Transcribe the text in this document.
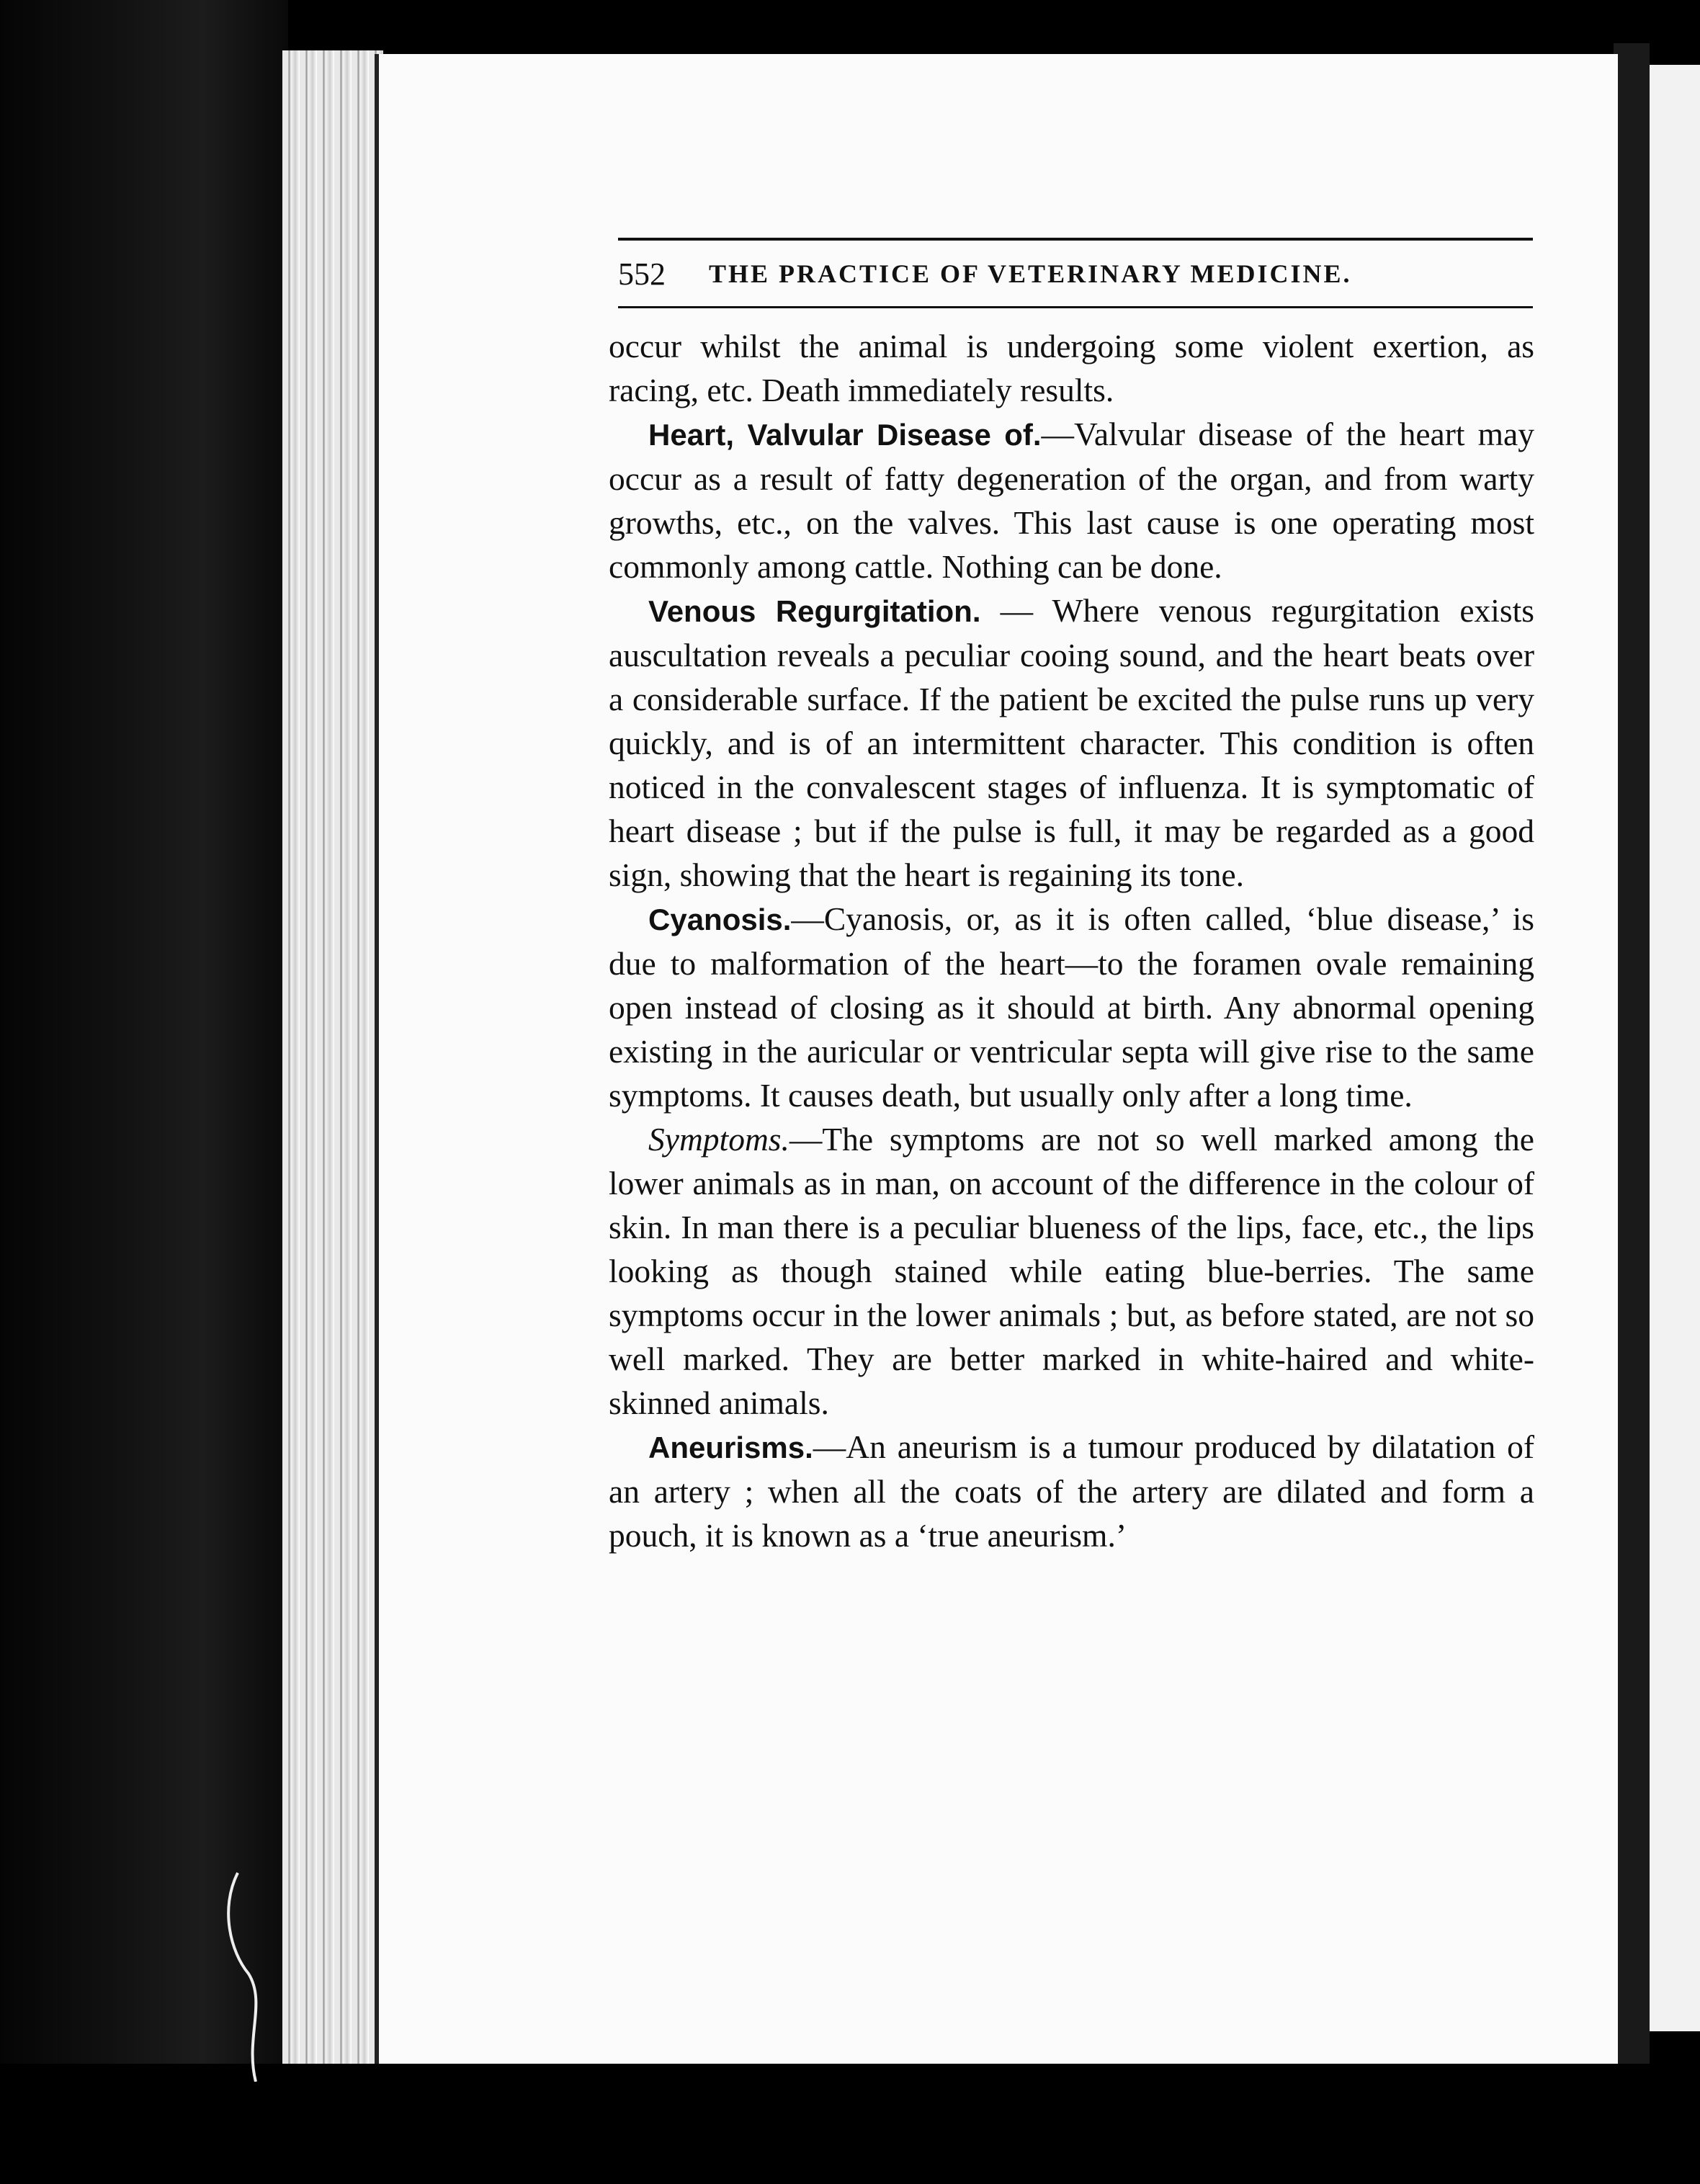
552 THE PRACTICE OF VETERINARY MEDICINE.

occur whilst the animal is undergoing some violent exertion, as racing, etc. Death immediately results.

Heart, Valvular Disease of.—Valvular disease of the heart may occur as a result of fatty degeneration of the organ, and from warty growths, etc., on the valves. This last cause is one operating most commonly among cattle. Nothing can be done.

Venous Regurgitation. — Where venous regurgitation exists auscultation reveals a peculiar cooing sound, and the heart beats over a considerable surface. If the patient be excited the pulse runs up very quickly, and is of an intermittent character. This condition is often noticed in the convalescent stages of influenza. It is symptomatic of heart disease ; but if the pulse is full, it may be regarded as a good sign, showing that the heart is regaining its tone.

Cyanosis.—Cyanosis, or, as it is often called, ‘blue disease,’ is due to malformation of the heart—to the foramen ovale remaining open instead of closing as it should at birth. Any abnormal opening existing in the auricular or ventricular septa will give rise to the same symptoms. It causes death, but usually only after a long time.

Symptoms.—The symptoms are not so well marked among the lower animals as in man, on account of the difference in the colour of skin. In man there is a peculiar blueness of the lips, face, etc., the lips looking as though stained while eating blue-berries. The same symptoms occur in the lower animals ; but, as before stated, are not so well marked. They are better marked in white-haired and white-skinned animals.

Aneurisms.—An aneurism is a tumour produced by dilatation of an artery ; when all the coats of the artery are dilated and form a pouch, it is known as a ‘true aneurism.’
